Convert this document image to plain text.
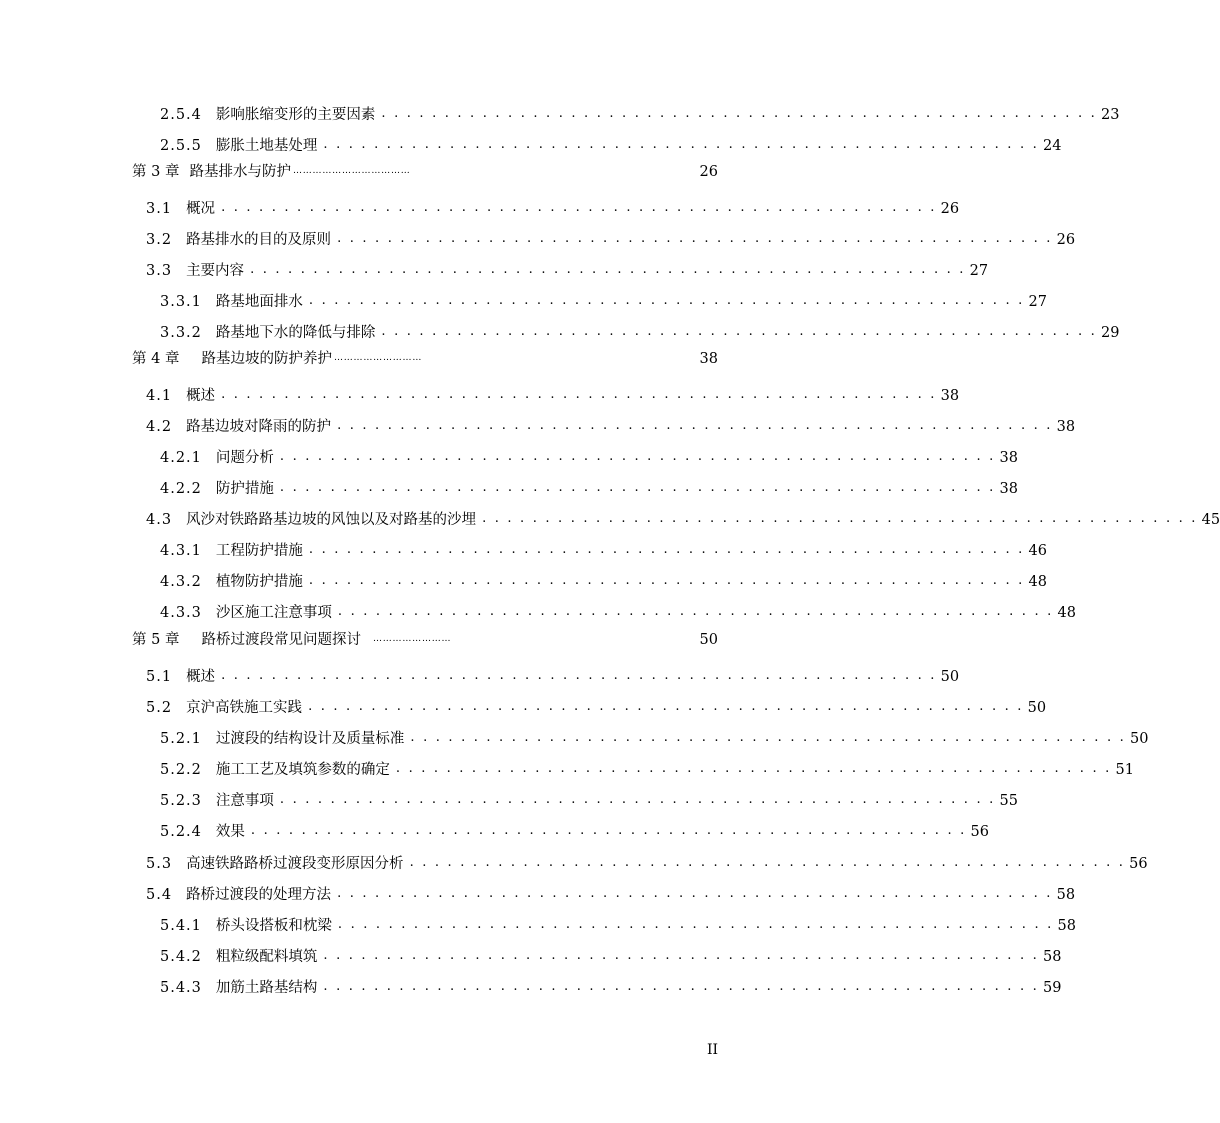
2.5.4 影响胀缩变形的主要因素 . . . . . . . . . . . . . . . . . . . . . . . . . . . . . . . . . . . . . . . . . . . . . . . . . . . . . . . . . 23
2.5.5 膨胀土地基处理 . . . . . . . . . . . . . . . . . . . . . . . . . . . . . . . . . . . . . . . . . . . . . . . . . . . . . . . . . 24
第 3 章 路基排水与防护 ………………………………	26
3.1 概况 . . . . . . . . . . . . . . . . . . . . . . . . . . . . . . . . . . . . . . . . . . . . . . . . . . . . . . . . . 26
3.2 路基排水的目的及原则 . . . . . . . . . . . . . . . . . . . . . . . . . . . . . . . . . . . . . . . . . . . . . . . . . . . . . . . . . 26
3.3 主要内容 . . . . . . . . . . . . . . . . . . . . . . . . . . . . . . . . . . . . . . . . . . . . . . . . . . . . . . . . . 27
3.3.1 路基地面排水 . . . . . . . . . . . . . . . . . . . . . . . . . . . . . . . . . . . . . . . . . . . . . . . . . . . . . . . . . 27
3.3.2 路基地下水的降低与排除 . . . . . . . . . . . . . . . . . . . . . . . . . . . . . . . . . . . . . . . . . . . . . . . . . . . . . . . . . 29
第 4 章 路基边坡的防护养护 ………………………	38
4.1 概述 . . . . . . . . . . . . . . . . . . . . . . . . . . . . . . . . . . . . . . . . . . . . . . . . . . . . . . . . . 38
4.2 路基边坡对降雨的防护 . . . . . . . . . . . . . . . . . . . . . . . . . . . . . . . . . . . . . . . . . . . . . . . . . . . . . . . . . 38
4.2.1 问题分析 . . . . . . . . . . . . . . . . . . . . . . . . . . . . . . . . . . . . . . . . . . . . . . . . . . . . . . . . . 38
4.2.2 防护措施 . . . . . . . . . . . . . . . . . . . . . . . . . . . . . . . . . . . . . . . . . . . . . . . . . . . . . . . . . 38
4.3 风沙对铁路路基边坡的风蚀以及对路基的沙埋 . . . . . . . . . . . . . . . . . . . . . . . . . . . . . . . . . . . . . . . . . . . . . . . . . . . . . . . . . 45
4.3.1 工程防护措施 . . . . . . . . . . . . . . . . . . . . . . . . . . . . . . . . . . . . . . . . . . . . . . . . . . . . . . . . . 46
4.3.2 植物防护措施 . . . . . . . . . . . . . . . . . . . . . . . . . . . . . . . . . . . . . . . . . . . . . . . . . . . . . . . . . 48
4.3.3 沙区施工注意事项 . . . . . . . . . . . . . . . . . . . . . . . . . . . . . . . . . . . . . . . . . . . . . . . . . . . . . . . . . 48
第 5 章 路桥过渡段常见问题探讨 ……………………	50
5.1 概述 . . . . . . . . . . . . . . . . . . . . . . . . . . . . . . . . . . . . . . . . . . . . . . . . . . . . . . . . . 50
5.2 京沪高铁施工实践 . . . . . . . . . . . . . . . . . . . . . . . . . . . . . . . . . . . . . . . . . . . . . . . . . . . . . . . . . 50
5.2.1 过渡段的结构设计及质量标准 . . . . . . . . . . . . . . . . . . . . . . . . . . . . . . . . . . . . . . . . . . . . . . . . . . . . . . . . . 50
5.2.2 施工工艺及填筑参数的确定 . . . . . . . . . . . . . . . . . . . . . . . . . . . . . . . . . . . . . . . . . . . . . . . . . . . . . . . . . 51
5.2.3 注意事项 . . . . . . . . . . . . . . . . . . . . . . . . . . . . . . . . . . . . . . . . . . . . . . . . . . . . . . . . . 55
5.2.4 效果 . . . . . . . . . . . . . . . . . . . . . . . . . . . . . . . . . . . . . . . . . . . . . . . . . . . . . . . . . 56
5.3 高速铁路路桥过渡段变形原因分析 . . . . . . . . . . . . . . . . . . . . . . . . . . . . . . . . . . . . . . . . . . . . . . . . . . . . . . . . . 56
5.4 路桥过渡段的处理方法 . . . . . . . . . . . . . . . . . . . . . . . . . . . . . . . . . . . . . . . . . . . . . . . . . . . . . . . . . 58
5.4.1 桥头设搭板和枕梁 . . . . . . . . . . . . . . . . . . . . . . . . . . . . . . . . . . . . . . . . . . . . . . . . . . . . . . . . . 58
5.4.2 粗粒级配料填筑 . . . . . . . . . . . . . . . . . . . . . . . . . . . . . . . . . . . . . . . . . . . . . . . . . . . . . . . . . 58
5.4.3 加筋土路基结构 . . . . . . . . . . . . . . . . . . . . . . . . . . . . . . . . . . . . . . . . . . . . . . . . . . . . . . . . . 59
II
